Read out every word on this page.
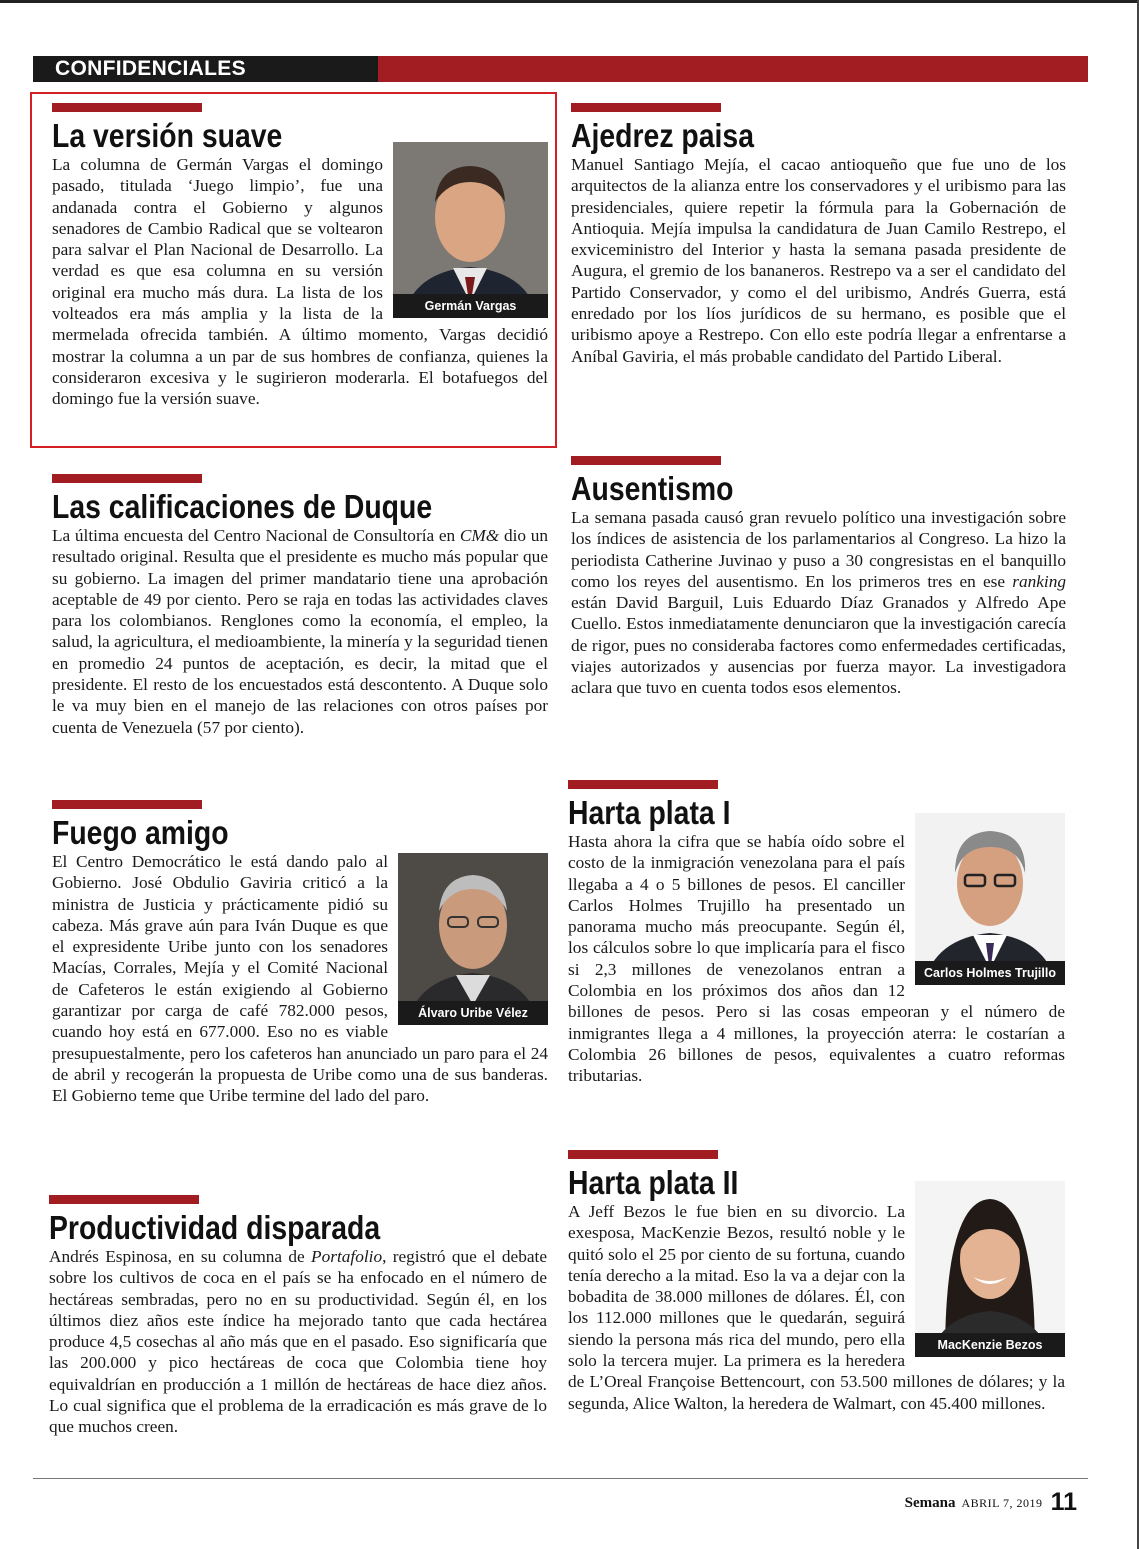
CONFIDENCIALES
La versión suave
Germán Vargas

La columna de Germán Vargas el domingo pasado, titulada ‘Juego limpio’, fue una andanada contra el Gobierno y algunos senadores de Cambio Radical que se voltearon para salvar el Plan Nacional de Desarrollo. La verdad es que esa columna en su versión original era mucho más dura. La lista de los volteados era más amplia y la lista de la mermelada ofrecida también. A último momento, Vargas decidió mostrar la columna a un par de sus hombres de confianza, quienes la consideraron excesiva y le sugirieron moderarla. El botafuegos del domingo fue la versión suave.

Ajedrez paisa

Manuel Santiago Mejía, el cacao antioqueño que fue uno de los arquitectos de la alianza entre los conservadores y el uribismo para las presidenciales, quiere repetir la fórmula para la Gobernación de Antioquia. Mejía impulsa la candidatura de Juan Camilo Restrepo, el exviceministro del Interior y hasta la semana pasada presidente de Augura, el gremio de los bananeros. Restrepo va a ser el candidato del Partido Conservador, y como el del uribismo, Andrés Guerra, está enredado por los líos jurídicos de su hermano, es posible que el uribismo apoye a Restrepo. Con ello este podría llegar a enfrentarse a Aníbal Gaviria, el más probable candidato del Partido Liberal.

Las calificaciones de Duque

La última encuesta del Centro Nacional de Consultoría en CM& dio un resultado original. Resulta que el presidente es mucho más popular que su gobierno. La imagen del primer mandatario tiene una aprobación aceptable de 49 por ciento. Pero se raja en todas las actividades claves para los colombianos. Renglones como la economía, el empleo, la salud, la agricultura, el medioambiente, la minería y la seguridad tienen en promedio 24 puntos de aceptación, es decir, la mitad que el presidente. El resto de los encuestados está descontento. A Duque solo le va muy bien en el manejo de las relaciones con otros países por cuenta de Venezuela (57 por ciento).

Ausentismo

La semana pasada causó gran revuelo político una investigación sobre los índices de asistencia de los parlamentarios al Congreso. La hizo la periodista Catherine Juvinao y puso a 30 congresistas en el banquillo como los reyes del ausentismo. En los primeros tres en ese ranking están David Barguil, Luis Eduardo Díaz Granados y Alfredo Ape Cuello. Estos inmediatamente denunciaron que la investigación carecía de rigor, pues no consideraba factores como enfermedades certificadas, viajes autorizados y ausencias por fuerza mayor. La investigadora aclara que tuvo en cuenta todos esos elementos.

Fuego amigo
Álvaro Uribe Vélez

El Centro Democrático le está dando palo al Gobierno. José Obdulio Gaviria criticó a la ministra de Justicia y prácticamente pidió su cabeza. Más grave aún para Iván Duque es que el expresidente Uribe junto con los senadores Macías, Corrales, Mejía y el Comité Nacional de Cafeteros le están exigiendo al Gobierno garantizar por carga de café 782.000 pesos, cuando hoy está en 677.000. Eso no es viable presupuestalmente, pero los cafeteros han anunciado un paro para el 24 de abril y recogerán la propuesta de Uribe como una de sus banderas. El Gobierno teme que Uribe termine del lado del paro.

Harta plata I
Carlos Holmes Trujillo

Hasta ahora la cifra que se había oído sobre el costo de la inmigración venezolana para el país llegaba a 4 o 5 billones de pesos. El canciller Carlos Holmes Trujillo ha presentado un panorama mucho más preocupante. Según él, los cálculos sobre lo que implicaría para el fisco si 2,3 millones de venezolanos entran a Colombia en los próximos dos años dan 12 billones de pesos. Pero si las cosas empeoran y el número de inmigrantes llega a 4 millones, la proyección aterra: le costarían a Colombia 26 billones de pesos, equivalentes a cuatro reformas tributarias.

Productividad disparada

Andrés Espinosa, en su columna de Portafolio, registró que el debate sobre los cultivos de coca en el país se ha enfocado en el número de hectáreas sembradas, pero no en su productividad. Según él, en los últimos diez años este índice ha mejorado tanto que cada hectárea produce 4,5 cosechas al año más que en el pasado. Eso significaría que las 200.000 y pico hectáreas de coca que Colombia tiene hoy equivaldrían en producción a 1 millón de hectáreas de hace diez años. Lo cual significa que el problema de la erradicación es más grave de lo que muchos creen.

Harta plata II
MacKenzie Bezos

A Jeff Bezos le fue bien en su divorcio. La exesposa, MacKenzie Bezos, resultó noble y le quitó solo el 25 por ciento de su fortuna, cuando tenía derecho a la mitad. Eso la va a dejar con la bobadita de 38.000 millones de dólares. Él, con los 112.000 millones que le quedarán, seguirá siendo la persona más rica del mundo, pero ella solo la tercera mujer. La primera es la heredera de L’Oreal Françoise Bettencourt, con 53.500 millones de dólares; y la segunda, Alice Walton, la heredera de Walmart, con 45.400 millones.

Semana ABRIL 7, 2019 11
